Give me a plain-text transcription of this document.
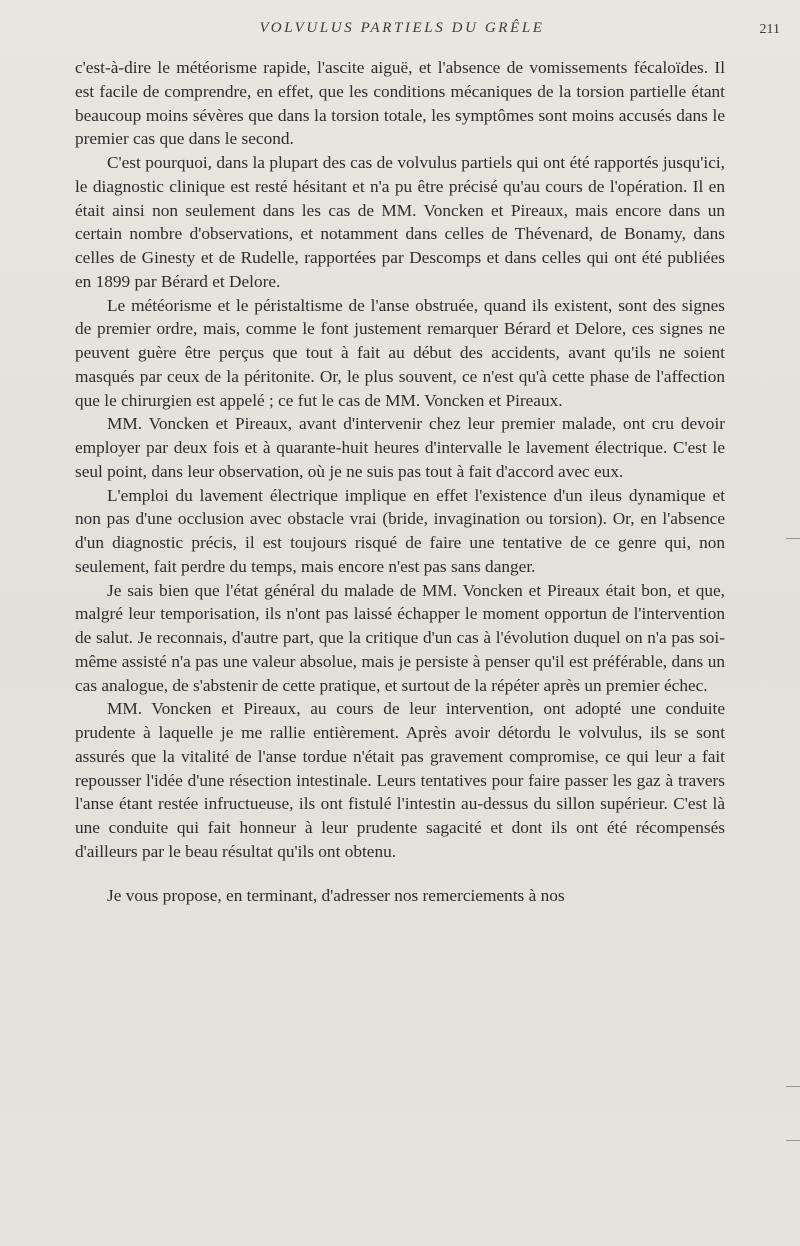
VOLVULUS PARTIELS DU GRÊLE	211

c'est-à-dire le météorisme rapide, l'ascite aiguë, et l'absence de vomissements fécaloïdes. Il est facile de comprendre, en effet, que les conditions mécaniques de la torsion partielle étant beaucoup moins sévères que dans la torsion totale, les symptômes sont moins accusés dans le premier cas que dans le second.

C'est pourquoi, dans la plupart des cas de volvulus partiels qui ont été rapportés jusqu'ici, le diagnostic clinique est resté hésitant et n'a pu être précisé qu'au cours de l'opération. Il en était ainsi non seulement dans les cas de MM. Voncken et Pireaux, mais encore dans un certain nombre d'observations, et notamment dans celles de Thévenard, de Bonamy, dans celles de Ginesty et de Rudelle, rapportées par Descomps et dans celles qui ont été publiées en 1899 par Bérard et Delore.

Le météorisme et le péristaltisme de l'anse obstruée, quand ils existent, sont des signes de premier ordre, mais, comme le font justement remarquer Bérard et Delore, ces signes ne peuvent guère être perçus que tout à fait au début des accidents, avant qu'ils ne soient masqués par ceux de la péritonite. Or, le plus souvent, ce n'est qu'à cette phase de l'affection que le chirurgien est appelé ; ce fut le cas de MM. Voncken et Pireaux.

MM. Voncken et Pireaux, avant d'intervenir chez leur premier malade, ont cru devoir employer par deux fois et à quarante-huit heures d'intervalle le lavement électrique. C'est le seul point, dans leur observation, où je ne suis pas tout à fait d'accord avec eux.

L'emploi du lavement électrique implique en effet l'existence d'un ileus dynamique et non pas d'une occlusion avec obstacle vrai (bride, invagination ou torsion). Or, en l'absence d'un diagnostic précis, il est toujours risqué de faire une tentative de ce genre qui, non seulement, fait perdre du temps, mais encore n'est pas sans danger.

Je sais bien que l'état général du malade de MM. Voncken et Pireaux était bon, et que, malgré leur temporisation, ils n'ont pas laissé échapper le moment opportun de l'intervention de salut. Je reconnais, d'autre part, que la critique d'un cas à l'évolution duquel on n'a pas soi-même assisté n'a pas une valeur absolue, mais je persiste à penser qu'il est préférable, dans un cas analogue, de s'abstenir de cette pratique, et surtout de la répéter après un premier échec.

MM. Voncken et Pireaux, au cours de leur intervention, ont adopté une conduite prudente à laquelle je me rallie entièrement. Après avoir détordu le volvulus, ils se sont assurés que la vitalité de l'anse tordue n'était pas gravement compromise, ce qui leur a fait repousser l'idée d'une résection intestinale. Leurs tentatives pour faire passer les gaz à travers l'anse étant restée infructueuse, ils ont fistulé l'intestin au-dessus du sillon supérieur. C'est là une conduite qui fait honneur à leur prudente sagacité et dont ils ont été récompensés d'ailleurs par le beau résultat qu'ils ont obtenu.

Je vous propose, en terminant, d'adresser nos remerciements à nos
